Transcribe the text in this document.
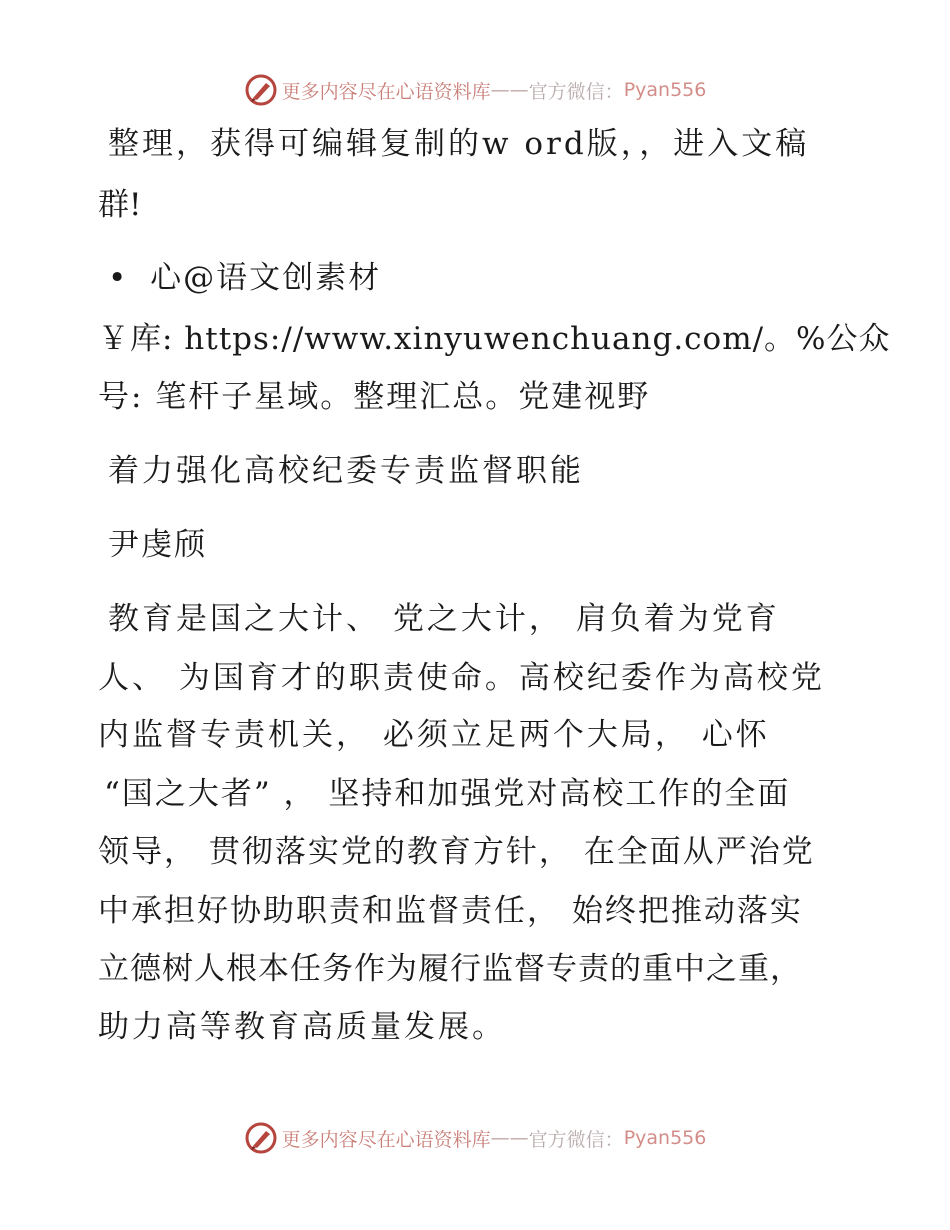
更多内容尽在心语资料库 —— 官方微信： Pyan556
整理，获得可编辑复制的w ord版，，进入文稿
群!
• 心@语文创素材
￥库: https://www.xinyuwenchuang.com/。%公众
号: 笔杆子星域。整理汇总。党建视野
着力强化高校纪委专责监督职能
尹虔颀
教育是国之大计、 党之大计， 肩负着为党育
人、 为国育才的职责使命。高校纪委作为高校党
内监督专责机关， 必须立足两个大局， 心怀
“国之大者” ， 坚持和加强党对高校工作的全面
领导， 贯彻落实党的教育方针， 在全面从严治党
中承担好协助职责和监督责任， 始终把推动落实
立德树人根本任务作为履行监督专责的重中之重，
助力高等教育高质量发展。
更多内容尽在心语资料库 —— 官方微信： Pyan556
